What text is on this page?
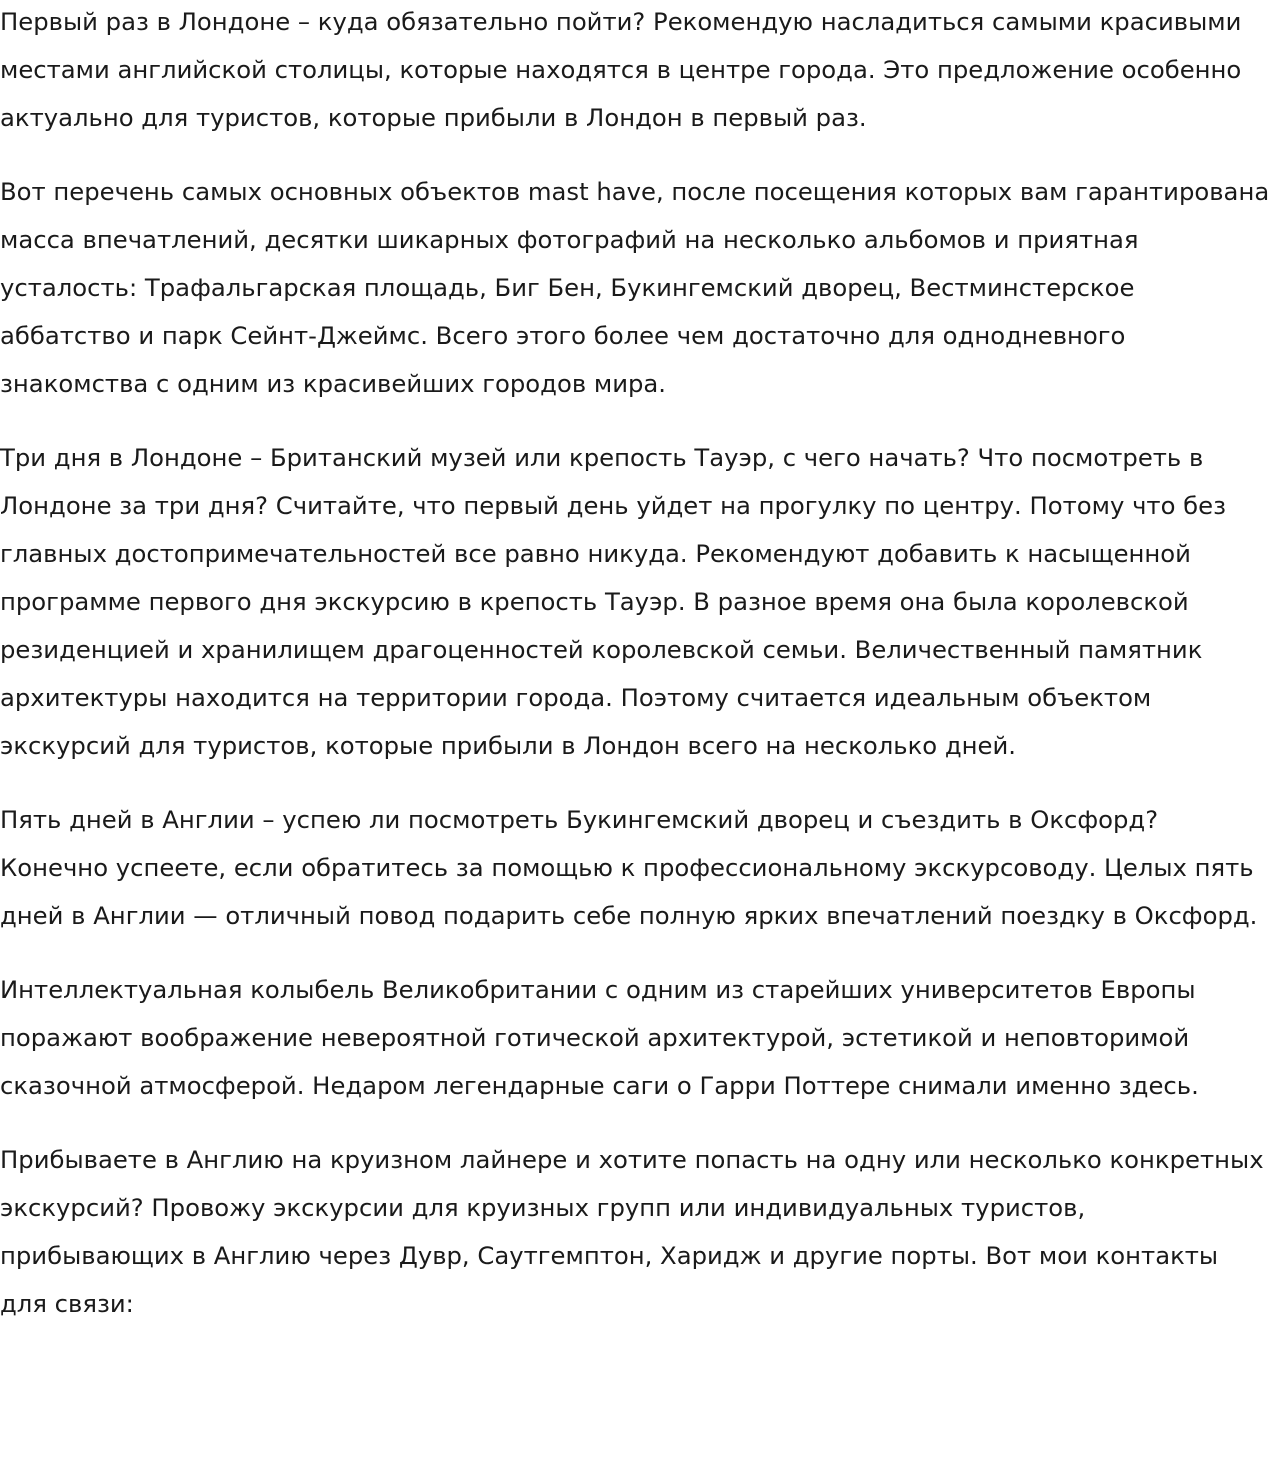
Первый раз в Лондоне – куда обязательно пойти? Рекомендую насладиться самыми красивыми местами английской столицы, которые находятся в центре города. Это предложение особенно актуально для туристов, которые прибыли в Лондон в первый раз.

Вот перечень самых основных объектов mast have, после посещения которых вам гарантирована масса впечатлений, десятки шикарных фотографий на несколько альбомов и приятная усталость: Трафальгарская площадь, Биг Бен, Букингемский дворец, Вестминстерское аббатство и парк Сейнт-Джеймс. Всего этого более чем достаточно для однодневного знакомства с одним из красивейших городов мира.

Три дня в Лондоне – Британский музей или крепость Тауэр, с чего начать? Что посмотреть в Лондоне за три дня? Считайте, что первый день уйдет на прогулку по центру. Потому что без главных достопримечательностей все равно никуда. Рекомендуют добавить к насыщенной программе первого дня экскурсию в крепость Тауэр. В разное время она была королевской резиденцией и хранилищем драгоценностей королевской семьи. Величественный памятник архитектуры находится на территории города. Поэтому считается идеальным объектом экскурсий для туристов, которые прибыли в Лондон всего на несколько дней.

Пять дней в Англии – успею ли посмотреть Букингемский дворец и съездить в Оксфорд? Конечно успеете, если обратитесь за помощью к профессиональному экскурсоводу. Целых пять дней в Англии — отличный повод подарить себе полную ярких впечатлений поездку в Оксфорд.

Интеллектуальная колыбель Великобритании с одним из старейших университетов Европы поражают воображение невероятной готической архитектурой, эстетикой и неповторимой сказочной атмосферой. Недаром легендарные саги о Гарри Поттере снимали именно здесь.

Прибываете в Англию на круизном лайнере и хотите попасть на одну или несколько конкретных экскурсий? Провожу экскурсии для круизных групп или индивидуальных туристов, прибывающих в Англию через Дувр, Саутгемптон, Харидж и другие порты. Вот мои контакты для связи:
